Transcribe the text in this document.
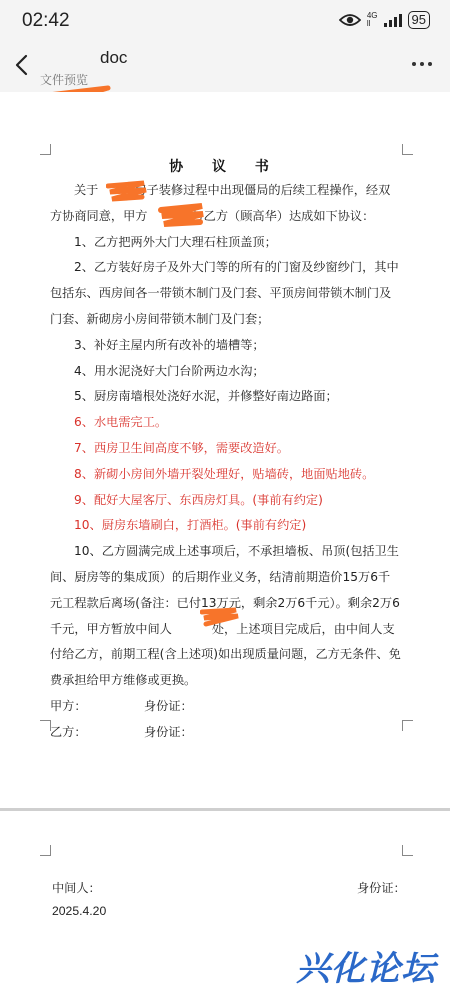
02:42	4G
ll	95
doc
文件预览
协 议 书

关于	房子装修过程中出现僵局的后续工程操作，经双方协商同意，甲方	与乙方（顾高华）达成如下协议：

1、乙方把两外大门大理石柱顶盖顶；

2、乙方装好房子及外大门等的所有的门窗及纱窗纱门，其中包括东、西房间各一带锁木制门及门套、平顶房间带锁木制门及门套、新砌房小房间带锁木制门及门套；

3、补好主屋内所有改补的墙槽等；

4、用水泥浇好大门台阶两边水沟；

5、厨房南墙根处浇好水泥，并修整好南边路面；

6、水电需完工。

7、西房卫生间高度不够，需要改造好。

8、新砌小房间外墙开裂处理好，贴墙砖，地面贴地砖。

9、配好大屋客厅、东西房灯具。(事前有约定)

10、厨房东墙刷白，打酒柜。(事前有约定)

10、乙方圆满完成上述事项后，不承担墙板、吊顶(包括卫生间、厨房等的集成顶）的后期作业义务，结清前期造价15万6千元工程款后离场(备注：已付13万元，剩余2万6千元）。剩余2万6千元，甲方暂放中间人	处，上述项目完成后，由中间人支付给乙方，前期工程(含上述项)如出现质量问题，乙方无条件、免费承担给甲方维修或更换。

甲方：	身份证：
乙方：	身份证：
中间人：	身份证：
2025.4.20
兴化论坛
